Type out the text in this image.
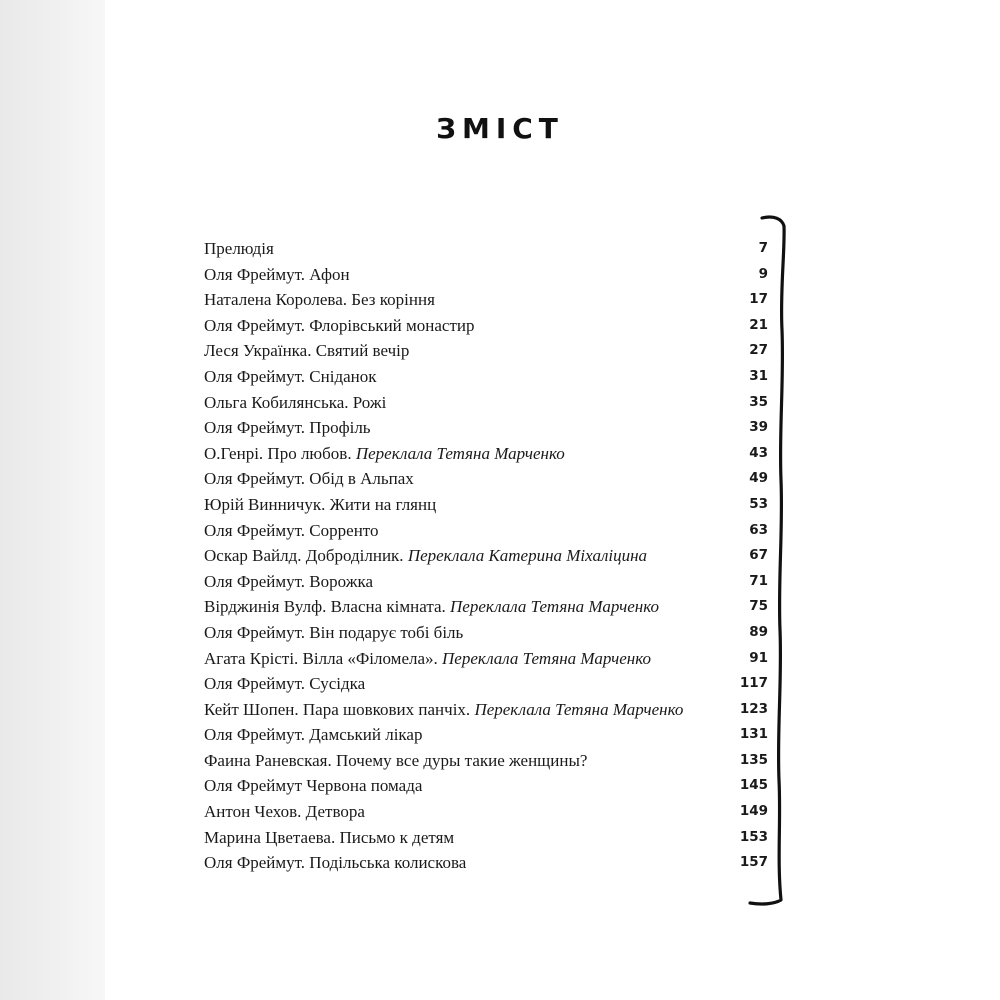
ЗМІСТ
Прелюдія	7
Оля Фреймут. Афон	9
Наталена Королева. Без коріння	17
Оля Фреймут. Флорівський монастир	21
Леся Українка. Святий вечір	27
Оля Фреймут. Сніданок	31
Ольга Кобилянська. Рожі	35
Оля Фреймут. Профіль	39
О.Генрі. Про любов. Переклала Тетяна Марченко	43
Оля Фреймут. Обід в Альпах	49
Юрій Винничук. Жити на глянц	53
Оля Фреймут. Сорренто	63
Оскар Вайлд. Доброділник. Переклала Катерина Міхаліцина	67
Оля Фреймут. Ворожка	71
Вірджинія Вулф. Власна кімната. Переклала Тетяна Марченко	75
Оля Фреймут. Він подарує тобі біль	89
Агата Крісті. Вілла «Філомела». Переклала Тетяна Марченко	91
Оля Фреймут. Сусідка	117
Кейт Шопен. Пара шовкових панчіх. Переклала Тетяна Марченко	123
Оля Фреймут. Дамський лікар	131
Фаина Раневская. Почему все дуры такие женщины?	135
Оля Фреймут Червона помада	145
Антон Чехов. Детвора	149
Марина Цветаева. Письмо к детям	153
Оля Фреймут. Подільська колискова	157
